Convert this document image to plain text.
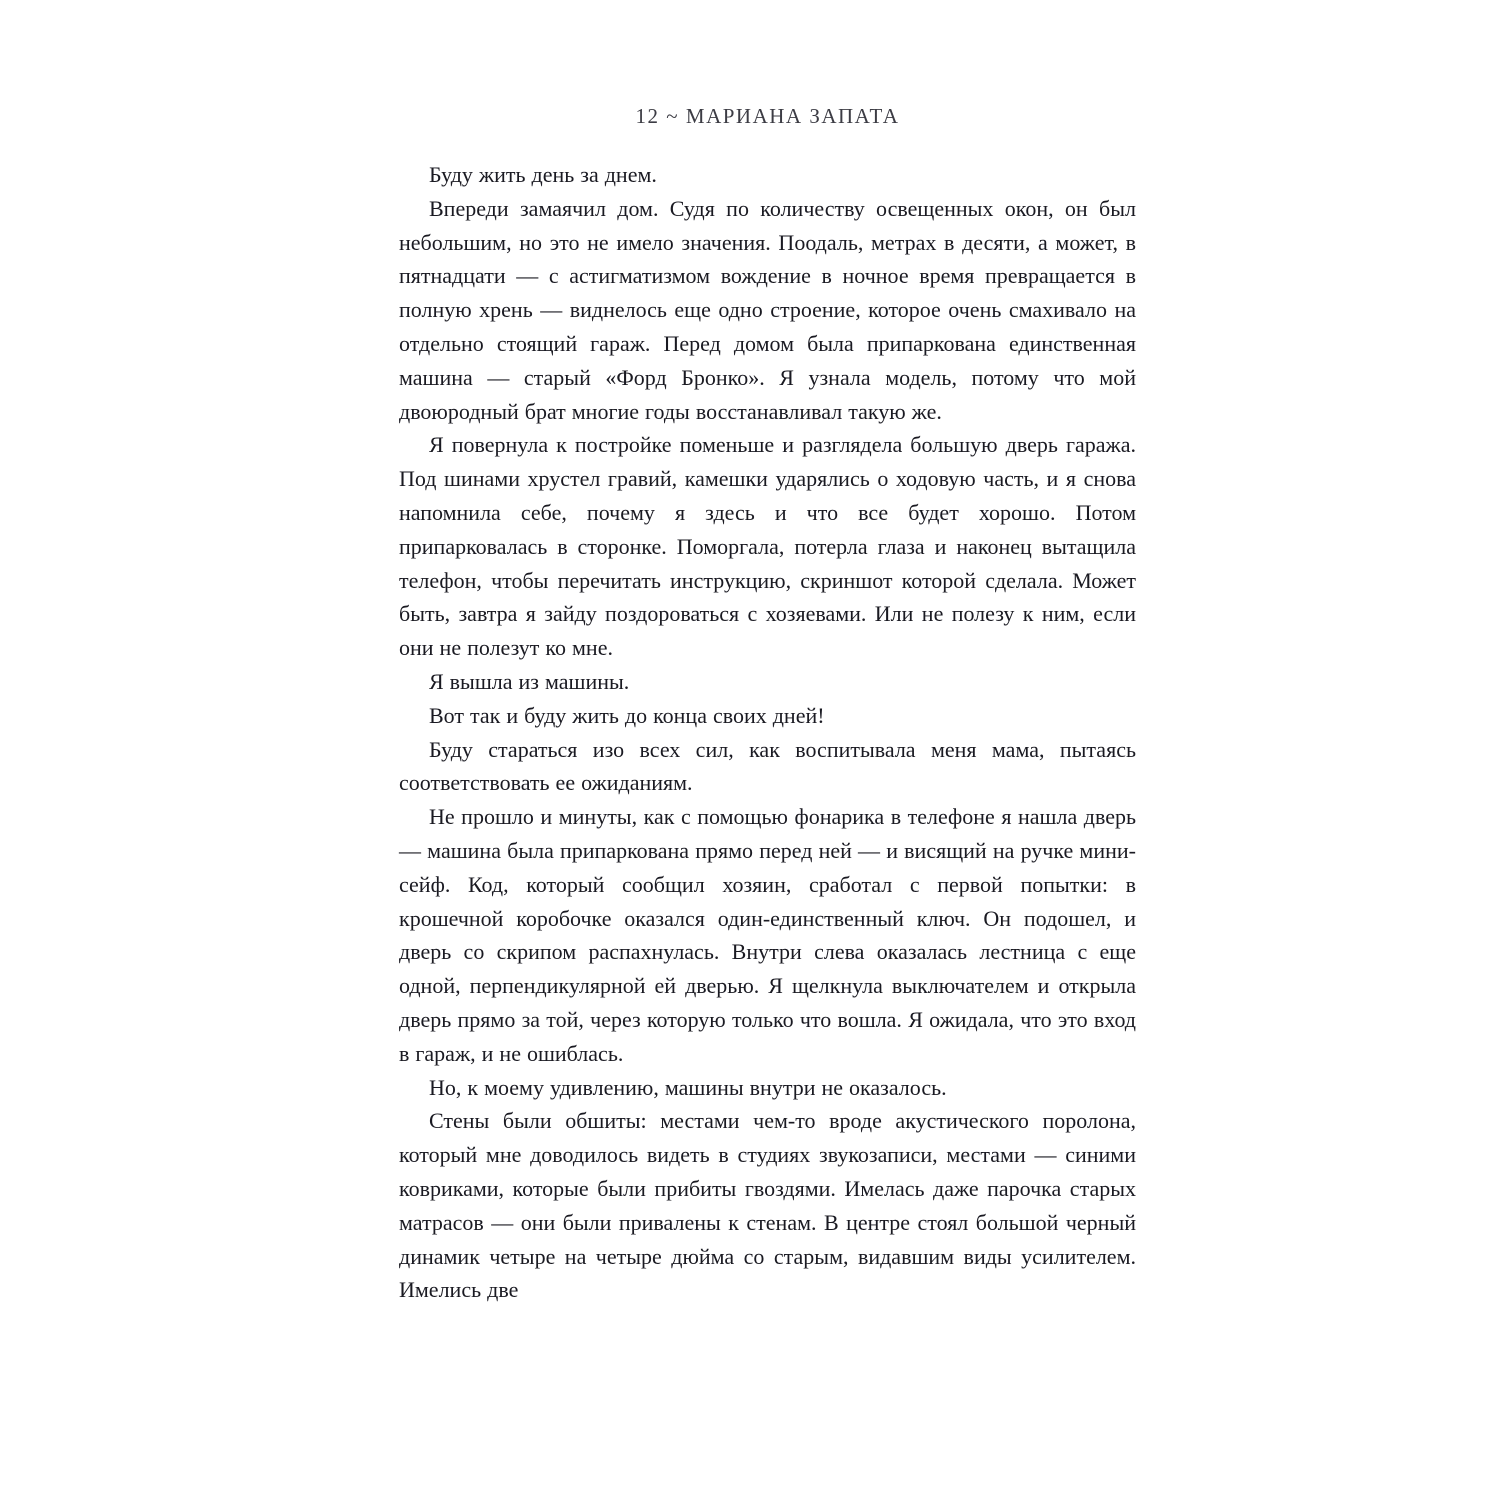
12 ~ МАРИАНА ЗАПАТА

Буду жить день за днем.

Впереди замаячил дом. Судя по количеству освещенных окон, он был небольшим, но это не имело значения. Поодаль, метрах в десяти, а может, в пятнадцати — с астигматизмом вождение в ночное время превращается в полную хрень — виднелось еще одно строение, которое очень смахивало на отдельно стоящий гараж. Перед домом была припаркована единственная машина — старый «Форд Бронко». Я узнала модель, потому что мой двоюродный брат многие годы восстанавливал такую же.

Я повернула к постройке поменьше и разглядела большую дверь гаража. Под шинами хрустел гравий, камешки ударялись о ходовую часть, и я снова напомнила себе, почему я здесь и что все будет хорошо. Потом припарковалась в сторонке. Поморгала, потерла глаза и наконец вытащила телефон, чтобы перечитать инструкцию, скриншот которой сделала. Может быть, завтра я зайду поздороваться с хозяевами. Или не полезу к ним, если они не полезут ко мне.

Я вышла из машины.

Вот так и буду жить до конца своих дней!

Буду стараться изо всех сил, как воспитывала меня мама, пытаясь соответствовать ее ожиданиям.

Не прошло и минуты, как с помощью фонарика в телефоне я нашла дверь — машина была припаркована прямо перед ней — и висящий на ручке мини-сейф. Код, который сообщил хозяин, сработал с первой попытки: в крошечной коробочке оказался один-единственный ключ. Он подошел, и дверь со скрипом распахнулась. Внутри слева оказалась лестница с еще одной, перпендикулярной ей дверью. Я щелкнула выключателем и открыла дверь прямо за той, через которую только что вошла. Я ожидала, что это вход в гараж, и не ошиблась.

Но, к моему удивлению, машины внутри не оказалось.

Стены были обшиты: местами чем-то вроде акустического поролона, который мне доводилось видеть в студиях звукозаписи, местами — синими ковриками, которые были прибиты гвоздями. Имелась даже парочка старых матрасов — они были привалены к стенам. В центре стоял большой черный динамик четыре на четыре дюйма со старым, видавшим виды усилителем. Имелись две
